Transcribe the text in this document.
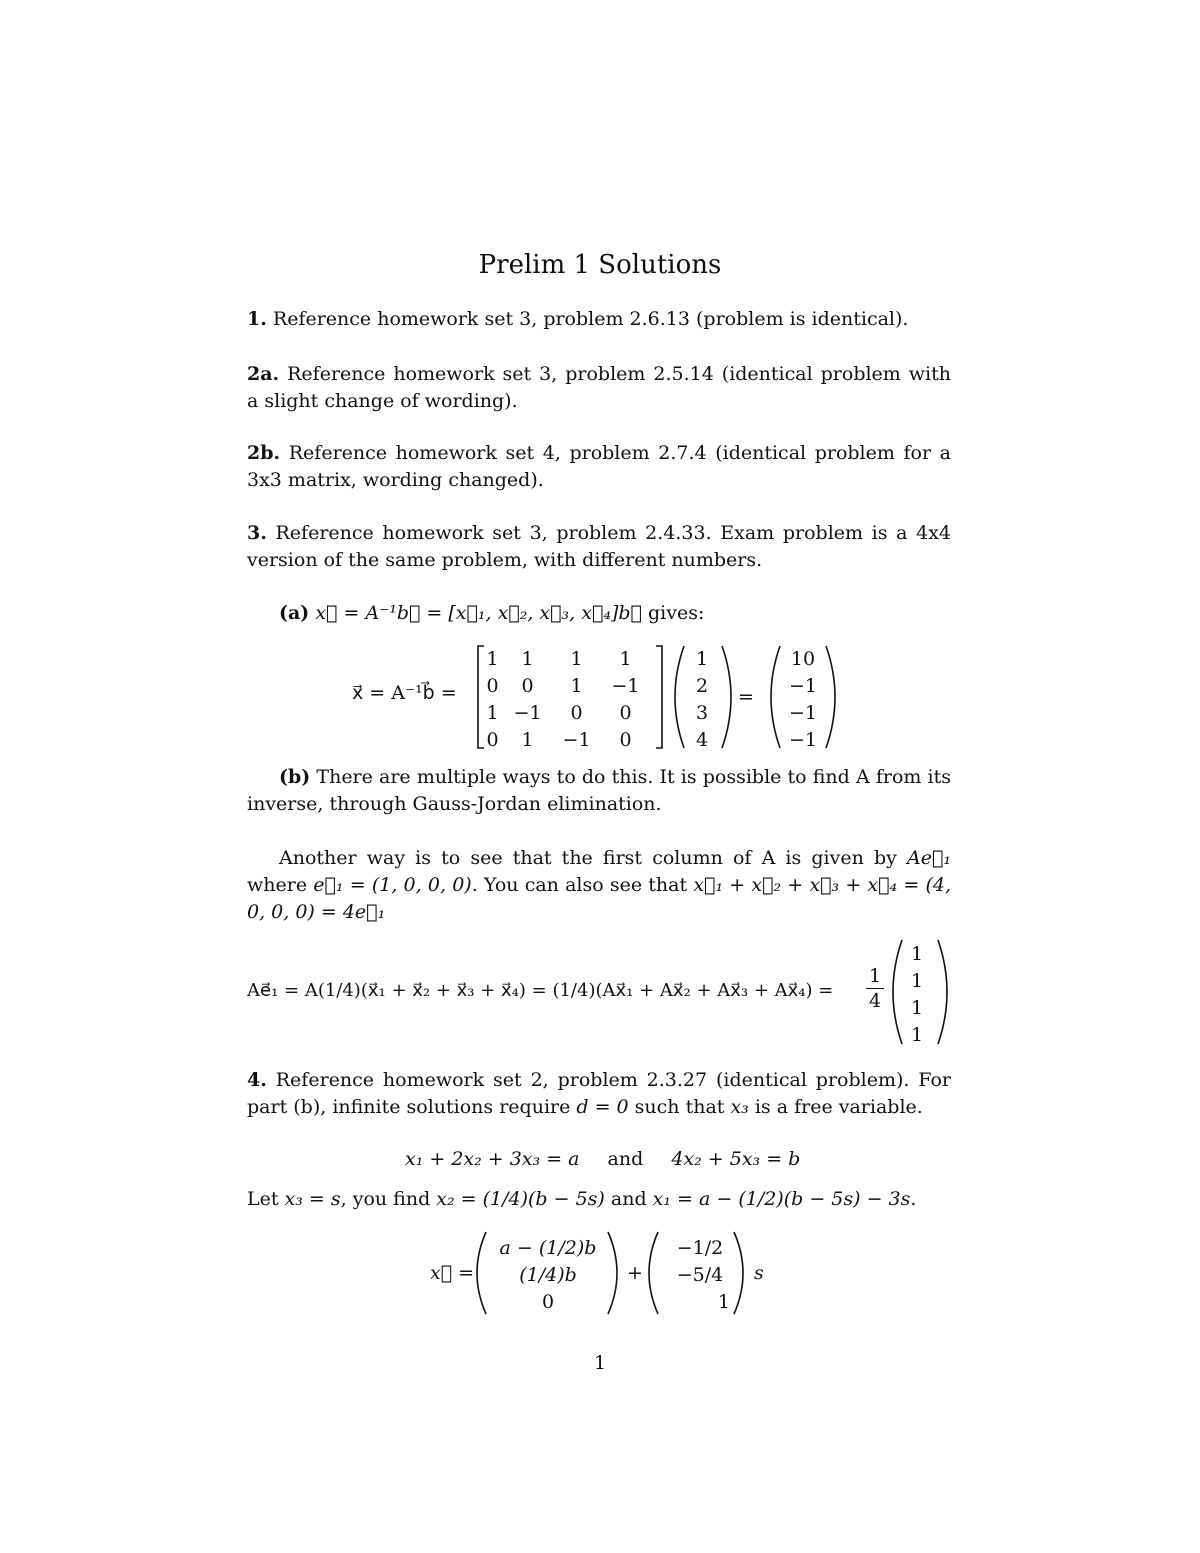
Prelim 1 Solutions
1. Reference homework set 3, problem 2.6.13 (problem is identical).
2a. Reference homework set 3, problem 2.5.14 (identical problem with a slight change of wording).
2b. Reference homework set 4, problem 2.7.4 (identical problem for a 3x3 matrix, wording changed).
3. Reference homework set 3, problem 2.4.33. Exam problem is a 4x4 version of the same problem, with different numbers.
(a) x⃗ = A⁻¹b⃗ = [x⃗₁, x⃗₂, x⃗₃, x⃗₄]b⃗ gives:
x⃗ = A⁻¹b⃗ =
1	1	1	1
0	0	1	−1
1	−1	0	0
0	1	−1	0
1
2
3
4
=
10
−1
−1
−1
(b) There are multiple ways to do this. It is possible to find A from its inverse, through Gauss-Jordan elimination.
Another way is to see that the first column of A is given by Ae⃗₁ where e⃗₁ = (1, 0, 0, 0). You can also see that x⃗₁ + x⃗₂ + x⃗₃ + x⃗₄ = (4, 0, 0, 0) = 4e⃗₁
Ae⃗₁ = A(1/4)(x⃗₁ + x⃗₂ + x⃗₃ + x⃗₄) = (1/4)(Ax⃗₁ + Ax⃗₂ + Ax⃗₃ + Ax⃗₄) = $\frac{1}{4}$
1
1
1
1
4. Reference homework set 2, problem 2.3.27 (identical problem). For part (b), infinite solutions require d = 0 such that x₃ is a free variable.
x₁ + 2x₂ + 3x₃ = a and 4x₂ + 5x₃ = b
Let x₃ = s, you find x₂ = (1/4)(b − 5s) and x₁ = a − (1/2)(b − 5s) − 3s.
x⃗ =
a − (1/2)b
(1/4)b
0
+
−1/2
−5/4
1
s
1
